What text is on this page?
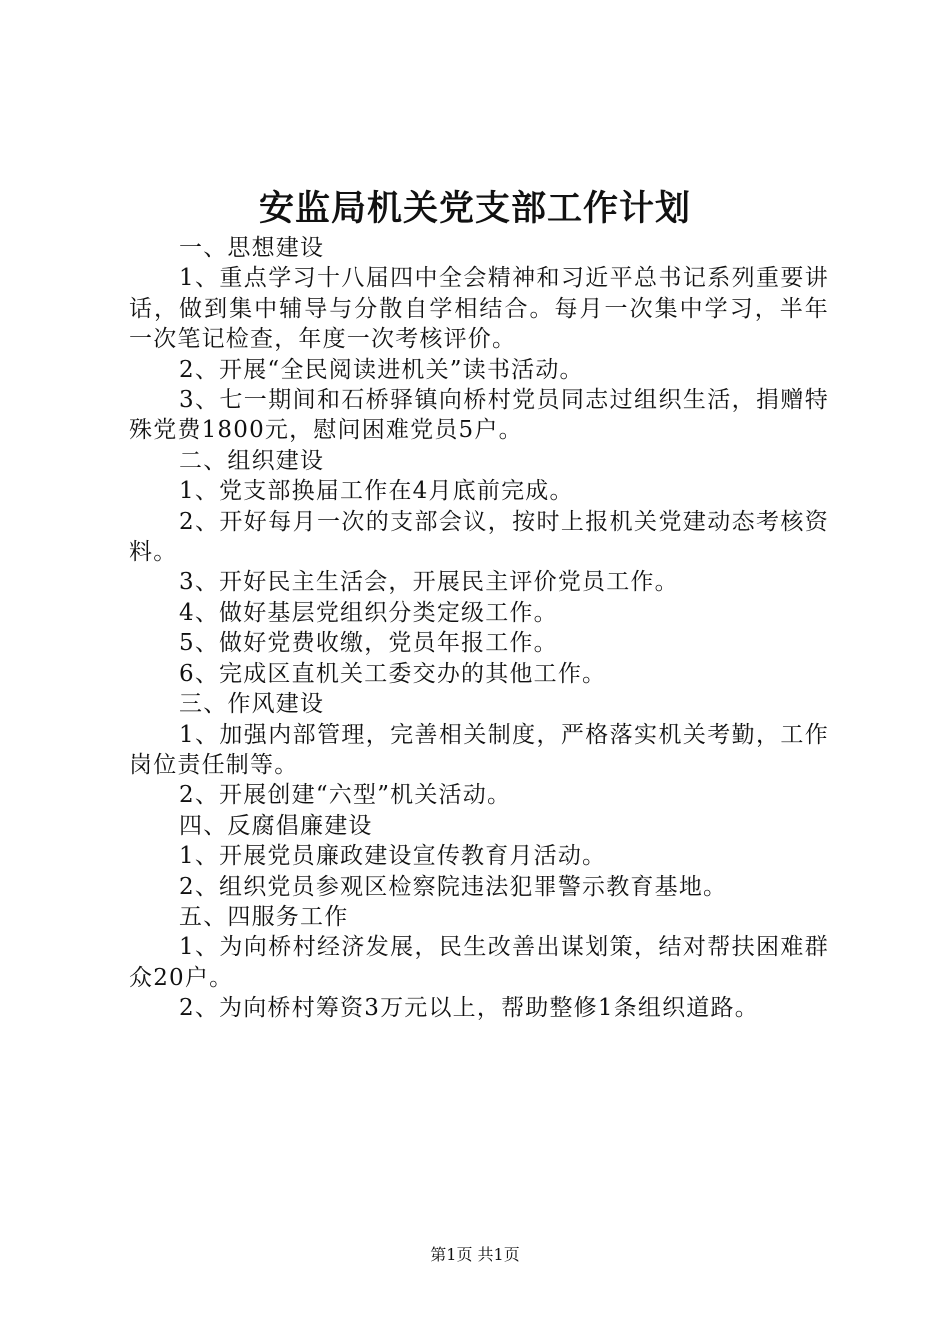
安监局机关党支部工作计划

一、思想建设

1、重点学习十八届四中全会精神和习近平总书记系列重要讲话，做到集中辅导与分散自学相结合。每月一次集中学习，半年一次笔记检查，年度一次考核评价。

2、开展“全民阅读进机关”读书活动。

3、七一期间和石桥驿镇向桥村党员同志过组织生活，捐赠特殊党费1800元，慰问困难党员5户。

二、组织建设

1、党支部换届工作在4月底前完成。

2、开好每月一次的支部会议，按时上报机关党建动态考核资料。

3、开好民主生活会，开展民主评价党员工作。

4、做好基层党组织分类定级工作。

5、做好党费收缴，党员年报工作。

6、完成区直机关工委交办的其他工作。

三、作风建设

1、加强内部管理，完善相关制度，严格落实机关考勤，工作岗位责任制等。

2、开展创建“六型”机关活动。

四、反腐倡廉建设

1、开展党员廉政建设宣传教育月活动。

2、组织党员参观区检察院违法犯罪警示教育基地。

五、四服务工作

1、为向桥村经济发展，民生改善出谋划策，结对帮扶困难群众20户。

2、为向桥村筹资3万元以上，帮助整修1条组织道路。

第1页 共1页
